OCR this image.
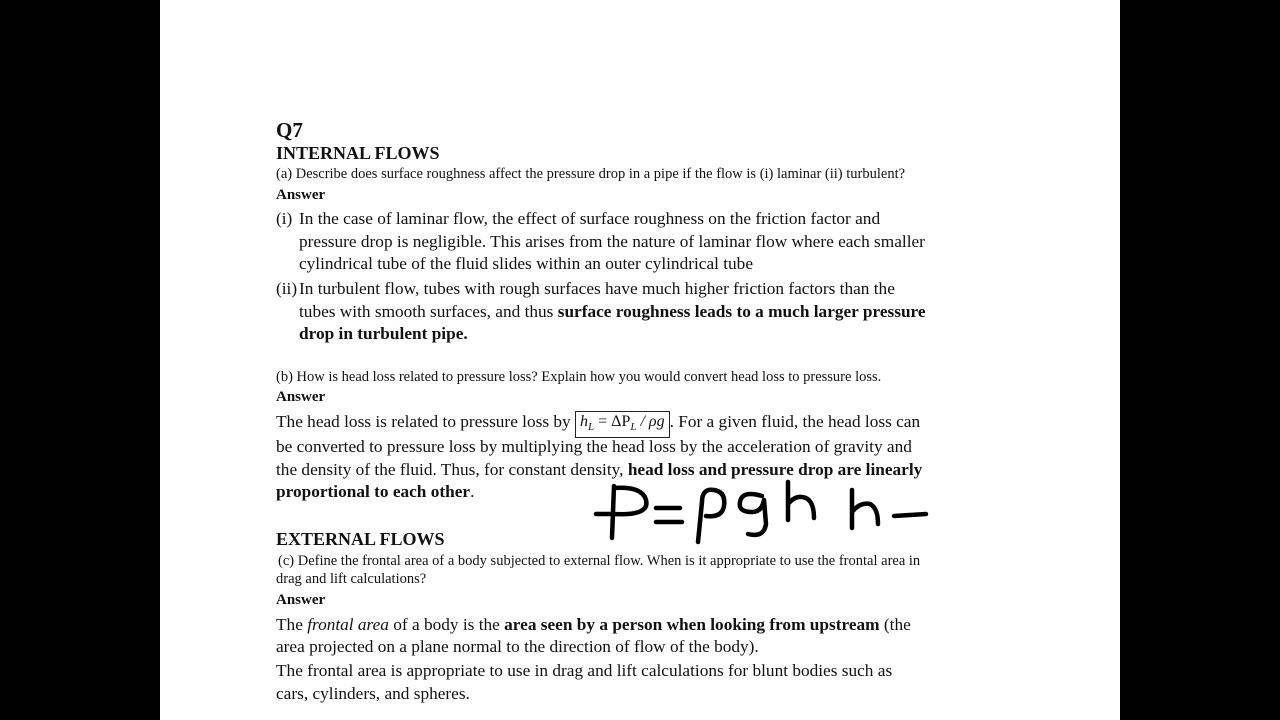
Q7
INTERNAL FLOWS
(a) Describe does surface roughness affect the pressure drop in a pipe if the flow is (i) laminar (ii) turbulent?
Answer
(i) In the case of laminar flow, the effect of surface roughness on the friction factor and
pressure drop is negligible. This arises from the nature of laminar flow where each smaller
cylindrical tube of the fluid slides within an outer cylindrical tube
(ii) In turbulent flow, tubes with rough surfaces have much higher friction factors than the
tubes with smooth surfaces, and thus surface roughness leads to a much larger pressure
drop in turbulent pipe.
(b) How is head loss related to pressure loss? Explain how you would convert head loss to pressure loss.
Answer
The head loss is related to pressure loss by $h_L = \Delta P_L / \rho g$ . For a given fluid, the head loss can
be converted to pressure loss by multiplying the head loss by the acceleration of gravity and
the density of the fluid. Thus, for constant density, head loss and pressure drop are linearly
proportional to each other.
EXTERNAL FLOWS
(c) Define the frontal area of a body subjected to external flow. When is it appropriate to use the frontal area in
drag and lift calculations?
Answer
The frontal area of a body is the area seen by a person when looking from upstream (the
area projected on a plane normal to the direction of flow of the body).
The frontal area is appropriate to use in drag and lift calculations for blunt bodies such as
cars, cylinders, and spheres.
